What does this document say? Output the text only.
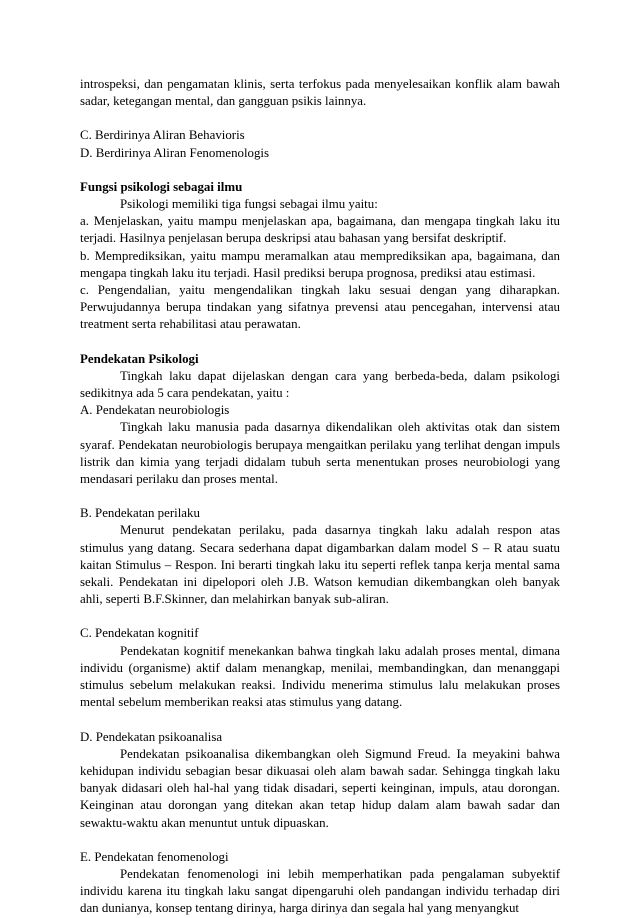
introspeksi, dan pengamatan klinis, serta terfokus pada menyelesaikan konflik alam bawah sadar, ketegangan mental, dan gangguan psikis lainnya.

C. Berdirinya Aliran Behavioris

D. Berdirinya Aliran Fenomenologis

Fungsi psikologi sebagai ilmu

Psikologi memiliki tiga fungsi sebagai ilmu yaitu:

a. Menjelaskan, yaitu mampu menjelaskan apa, bagaimana, dan mengapa tingkah laku itu terjadi. Hasilnya penjelasan berupa deskripsi atau bahasan yang bersifat deskriptif.

b. Memprediksikan, yaitu mampu meramalkan atau memprediksikan apa, bagaimana, dan mengapa tingkah laku itu terjadi. Hasil prediksi berupa prognosa, prediksi atau estimasi.

c. Pengendalian, yaitu mengendalikan tingkah laku sesuai dengan yang diharapkan. Perwujudannya berupa tindakan yang sifatnya prevensi atau pencegahan, intervensi atau treatment serta rehabilitasi atau perawatan.

Pendekatan Psikologi

Tingkah laku dapat dijelaskan dengan cara yang berbeda-beda, dalam psikologi sedikitnya ada 5 cara pendekatan, yaitu :

A. Pendekatan neurobiologis

Tingkah laku manusia pada dasarnya dikendalikan oleh aktivitas otak dan sistem syaraf. Pendekatan neurobiologis berupaya mengaitkan perilaku yang terlihat dengan impuls listrik dan kimia yang terjadi didalam tubuh serta menentukan proses neurobiologi yang mendasari perilaku dan proses mental.

B. Pendekatan perilaku

Menurut pendekatan perilaku, pada dasarnya tingkah laku adalah respon atas stimulus yang datang. Secara sederhana dapat digambarkan dalam model S – R atau suatu kaitan Stimulus – Respon. Ini berarti tingkah laku itu seperti reflek tanpa kerja mental sama sekali. Pendekatan ini dipelopori oleh J.B. Watson kemudian dikembangkan oleh banyak ahli, seperti B.F.Skinner, dan melahirkan banyak sub-aliran.

C. Pendekatan kognitif

Pendekatan kognitif menekankan bahwa tingkah laku adalah proses mental, dimana individu (organisme) aktif dalam menangkap, menilai, membandingkan, dan menanggapi stimulus sebelum melakukan reaksi. Individu menerima stimulus lalu melakukan proses mental sebelum memberikan reaksi atas stimulus yang datang.

D. Pendekatan psikoanalisa

Pendekatan psikoanalisa dikembangkan oleh Sigmund Freud. Ia meyakini bahwa kehidupan individu sebagian besar dikuasai oleh alam bawah sadar. Sehingga tingkah laku banyak didasari oleh hal-hal yang tidak disadari, seperti keinginan, impuls, atau dorongan. Keinginan atau dorongan yang ditekan akan tetap hidup dalam alam bawah sadar dan sewaktu-waktu akan menuntut untuk dipuaskan.

E. Pendekatan fenomenologi

Pendekatan fenomenologi ini lebih memperhatikan pada pengalaman subyektif individu karena itu tingkah laku sangat dipengaruhi oleh pandangan individu terhadap diri dan dunianya, konsep tentang dirinya, harga dirinya dan segala hal yang menyangkut
